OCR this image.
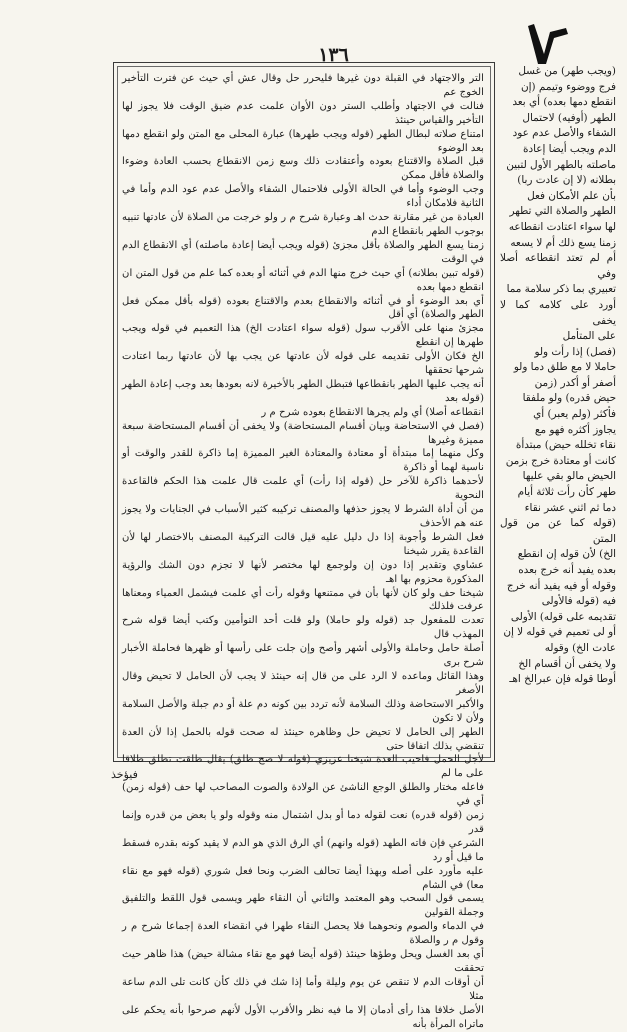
١٣٦

التر والاجتهاد في القبلة دون غيرها فليحرر حل وقال عش أي حيث عن فترت التأخير الخوج عم

فنالت في الاجتهاد وأطلب الستر دون الأوان علمت عدم ضيق الوقت فلا يجوز لها التأخير والقياس حينئذ

امتناع صلاته لبطال الطهر (قوله ويجب طهرها) عبارة المحلى مع المتن ولو انقطع دمها بعد الوضوء

قبل الصلاة والاقتناع بعوده وأعتقادت ذلك وسع زمن الانقطاع بحسب العادة وضوءا والصلاة فأقل ممكن

وجب الوضوء وأما في الحالة الأولى فلاحتمال الشفاء والأصل عدم عود الدم وأما في الثانية فلامكان أداء

العبادة من غير مقارنة حدث اهـ وعبارة شرح م ر ولو خرجت من الصلاة لأن عادتها تنبيه بوجوب الطهر بانقطاع الدم

زمنا يسع الطهر والصلاة بأقل مجزئ (قوله ويجب أيضا إعادة ماصلته) أي الانقطاع الدم في الوقت

(قوله تبين بطلانه) أي حيث خرج منها الدم في أثنائه أو بعده كما علم من قول المتن ان انقطع دمها بعده

أي بعد الوضوء أو في أثنائه والانقطاع بعدم والاقتناع بعوده (قوله بأقل ممكن فعل الطهر والصلاة) أي أقل

مجزئ منها على الأقرب سول (قوله سواء اعتادت الخ) هذا التعميم في قوله ويجب طهرها إن انقطع

الخ فكان الأولى تقديمه على قوله لأن عادتها عن يجب بها لأن عادتها ربما اعتادت شرحها تحققها

أنه يجب عليها الطهر بانقطاعها فتبطل الطهر بالأخيرة لانه بعودها بعد وجب إعادة الطهر (قوله بعد

انقطاعه أصلا) أي ولم يجرها الانقطاع بعوده شرح م ر

(فصل في الاستحاضة وبيان أقسام المستحاضة) ولا يخفى أن أقسام المستحاضة سبعة مميزة وغيرها

وكل منهما إما مبتدأة أو معتادة والمعتادة الغير المميزة إما ذاكرة للقدر والوقت أو ناسية لهما أو ذاكرة

لأحدهما ذاكرة للآخر حل (قوله إذا رأت) أي علمت قال علمت هذا الحكم فالقاعدة النحوية

من أن أداة الشرط لا يجوز حذفها والمصنف تركيبه كثير الأسباب في الجنايات ولا يجوز عنه هم الأحذف

فعل الشرط وأجوبة إذا دل دليل عليه قيل قالت التركيبة المصنف بالاختصار لها لأن القاعدة يقرر شيخنا

عشاوي وتقدير إذا دون إن ولوجمع لها مختصر لأنها لا تجزم دون الشك والرؤية المذكورة محزوم بها اهـ

شيخنا حف ولو كان لأنها بأن في ممتنعها وقوله رأت أي علمت فيشمل العمياء ومعناها عرفت فلذلك

تعدت للمفعول جد (قوله ولو حاملا) ولو قلت أحد التوأمين وكتب أيضا قوله شرح المهذب قال

أصلة حامل وحاملة والأولى أشهر وأصح وإن جلت على رأسها أو ظهرها فحاملة الأخبار شرح برى

وهذا القائل وماعده لا الرد على من قال إنه حينئذ لا يجب لأن الحامل لا تحيض وقال الأصغر

والأكبر الاستحاضة وذلك السلامة لأنه تردد بين كونه دم علة أو دم جبلة والأصل السلامة ولأن لا تكون

الطهر إلى الحامل لا تحيض حل وظاهره حينئذ له صحت قوله بالحمل إذا لأن العدة تنقضي بذلك اتفاقا حتى

لأجل الحمل فاحيب العدة شيخنا عزيزي (قوله لا صح طلق) يقال طلقت تطلق طلاقا على ما لم

فاعله مختار والطلق الوجع الناشئ عن الولادة والصوت المصاحب لها حف (قوله زمن) أي في

زمن (قوله قدره) نعت لقوله دما أو بدل اشتمال منه وقوله ولو يا بعض من قدره وإنما قدر

الشرعي فإن فاته الطهد (قوله وانهم) أي الرق الذي هو الدم لا يقيد كونه بقدره فسقط ما قيل أو رد

عليه مأورد على أصله وبهذا أيضا تحالف الضرب ونحا فعل شوري (قوله فهو مع نقاء معا) في الشام

يسمى قول السحب وهو المعتمد والثاني أن النقاء طهر ويسمى قول اللقط والتلفيق وجملة القولين

في الدماء والصوم ونحوهما فلا يحصل النقاء طهرا في انقضاء العدة إجماعا شرح م ر وقول م ر والصلاة

أي بعد الغسل ويحل وطؤها حينئذ (قوله أيضا فهو مع نقاء مشالة حيض) هذا ظاهر حيث تحققت

أن أوقات الدم لا تنقص عن يوم وليلة وأما إذا شك في ذلك كأن كانت تلى الدم ساعة مثلا

الأصل خلافا هذا رأى أدمان إلا ما فيه نظر والأقرب الأول لأنهم صرحوا بأنه يحكم على ماتراه المرأة بأنه

(ويجب طهر) من غسل

فرج ووضوء وتيمم (إن

انقطع دمها بعده) أي بعد

الطهر (أوفيه) لاحتمال

الشفاء والأصل عدم عود

الدم ويجب أيضا إعادة

ماصلته بالطهر الأول لتبين

بطلانه (لا إن عادت ربا)

بأن علم الأمكان فعل

الطهر والصلاة التي تطهر

لها سواء اعتادت انقطاعه

زمنا يسع ذلك أم لا يسعه

أم لم تعتد انقطاعه أصلا وفي

تعبيري بما ذكر سلامة مما

أورد على كلامه كما لا يخفى

على المتأمل

(فصل) إذا رأت ولو

حاملا لا مع طلق دما ولو

أصفر أو أكدر (زمن

حيض قدره) ولو ملفقا

فأكثر (ولم يعبر) أي

يجاوز أكثره فهو مع

نقاء تخلله حيض) مبتدأة

كانت أو معتادة خرج بزمن

الحيض مالو بقي عليها

طهر كأن رأت ثلاثة أيام

دما ثم اثني عشر نقاء

(قوله كما عن من قول المتن

الخ) لأن قوله إن انقطع

بعده يفيد أنه خرج بعده

وقوله أو فيه يفيد أنه خرج

فيه (قوله فالأولى

تقديمه على قوله) الأولى

أو لى تعميم في قوله لا إن

عادت الخ) وقوله

ولا يخفى أن أقسام الخ

أوطا قوله فإن عبرالخ اهـ

فيؤخذ
